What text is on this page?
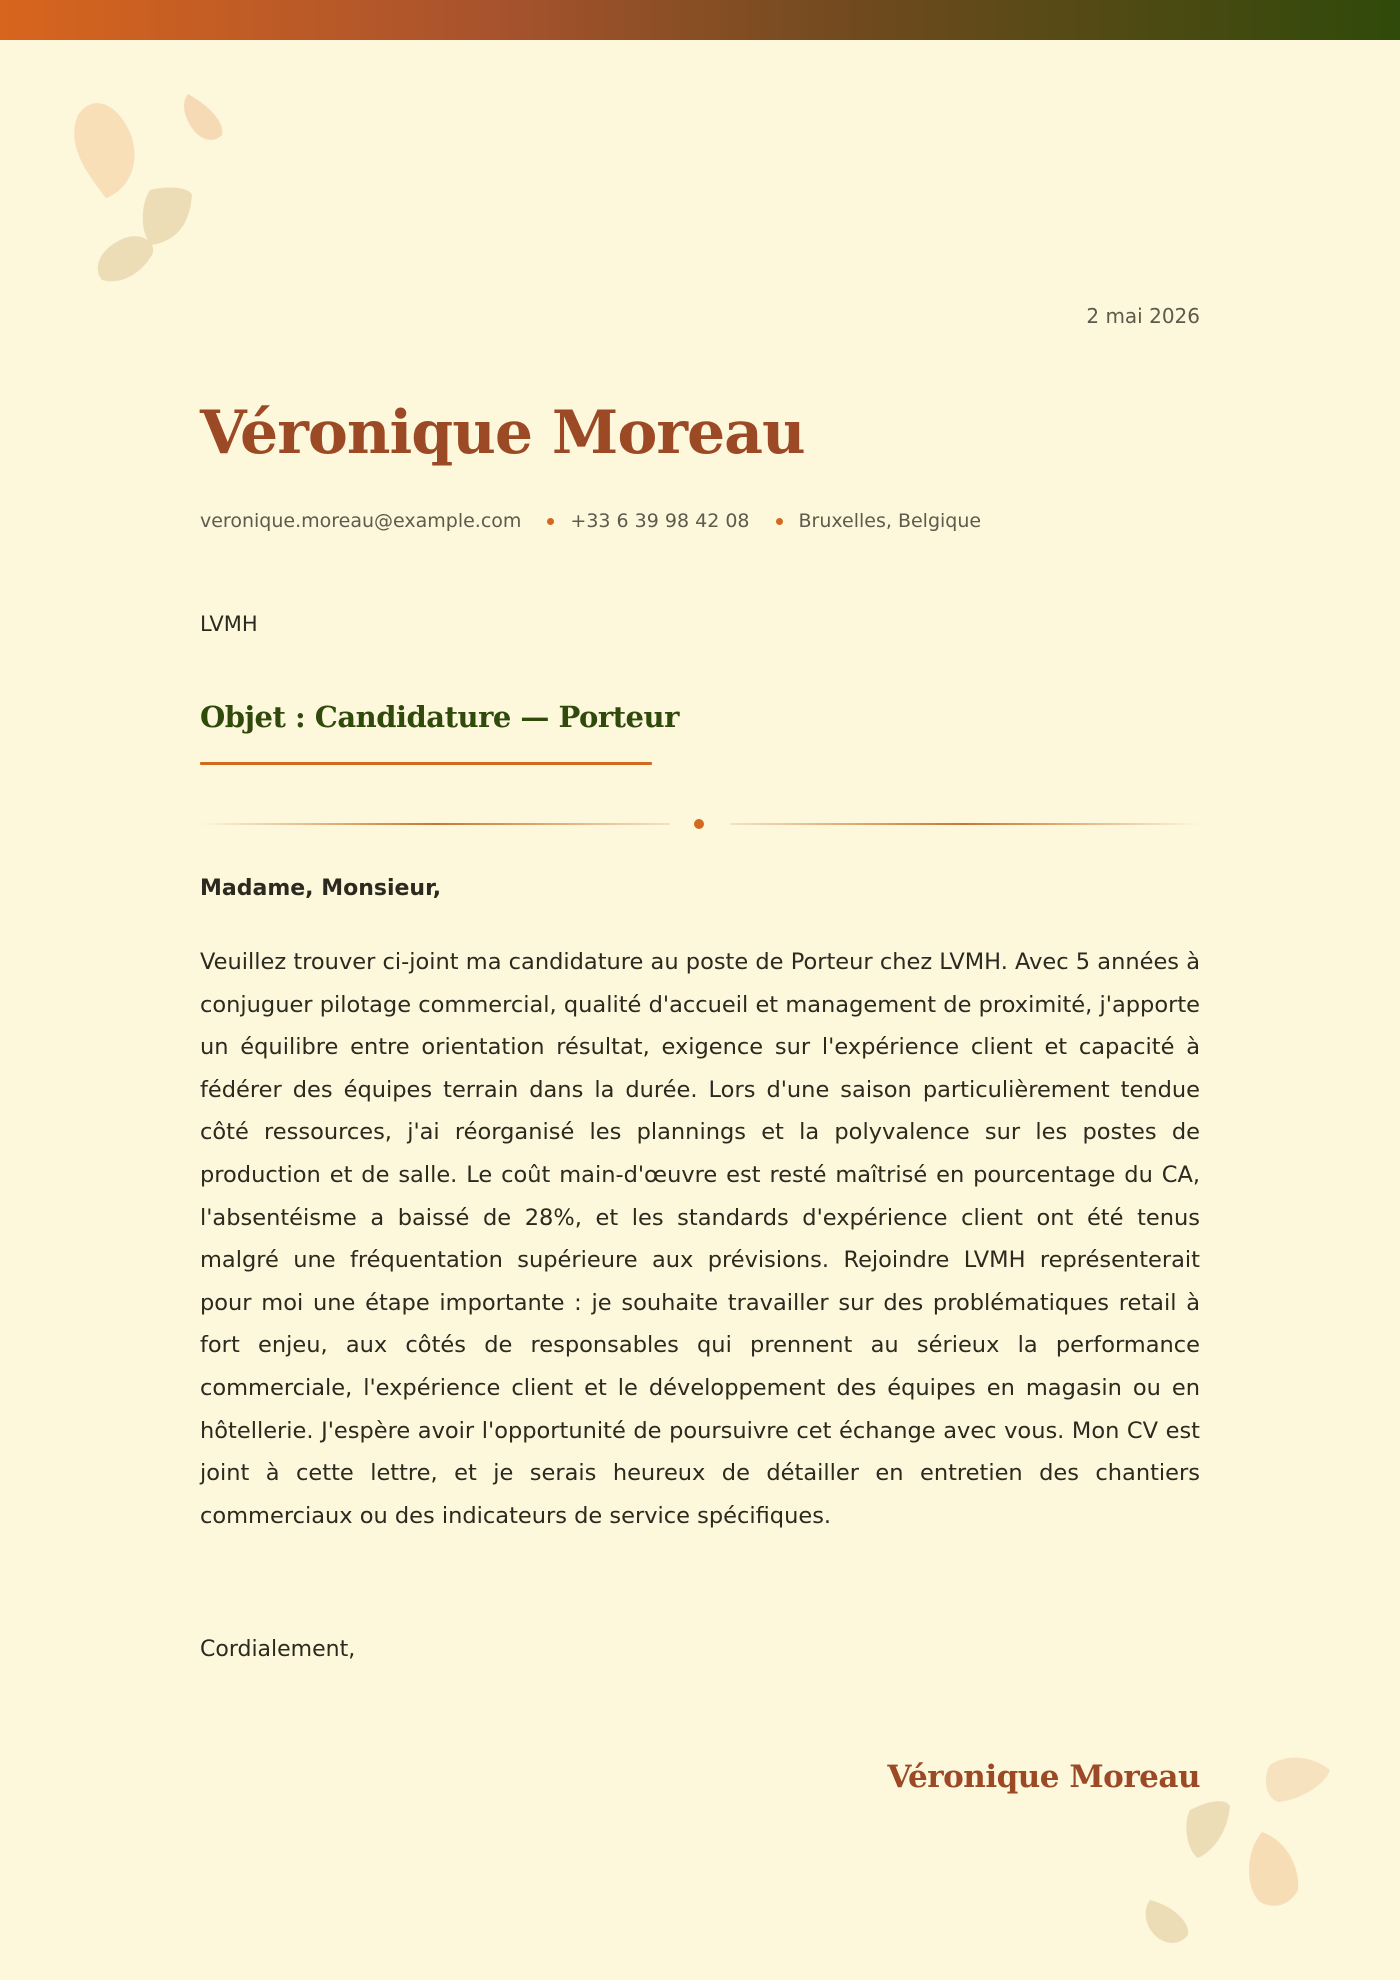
2 mai 2026
Véronique Moreau
veronique.moreau@example.com	+33 6 39 98 42 08	Bruxelles, Belgique
LVMH
Objet : Candidature — Porteur
Madame, Monsieur,

Veuillez trouver ci-joint ma candidature au poste de Porteur chez LVMH. Avec 5 années à conjuguer pilotage commercial, qualité d'accueil et management de proximité, j'apporte un équilibre entre orientation résultat, exigence sur l'expérience client et capacité à fédérer des équipes terrain dans la durée. Lors d'une saison particulièrement tendue côté ressources, j'ai réorganisé les plannings et la polyvalence sur les postes de production et de salle. Le coût main-d'œuvre est resté maîtrisé en pourcentage du CA, l'absentéisme a baissé de 28%, et les standards d'expérience client ont été tenus malgré une fréquentation supérieure aux prévisions. Rejoindre LVMH représenterait pour moi une étape importante : je souhaite travailler sur des problématiques retail à fort enjeu, aux côtés de responsables qui prennent au sérieux la performance commerciale, l'expérience client et le développement des équipes en magasin ou en hôtellerie. J'espère avoir l'opportunité de poursuivre cet échange avec vous. Mon CV est joint à cette lettre, et je serais heureux de détailler en entretien des chantiers commerciaux ou des indicateurs de service spécifiques.

Cordialement,
Véronique Moreau
